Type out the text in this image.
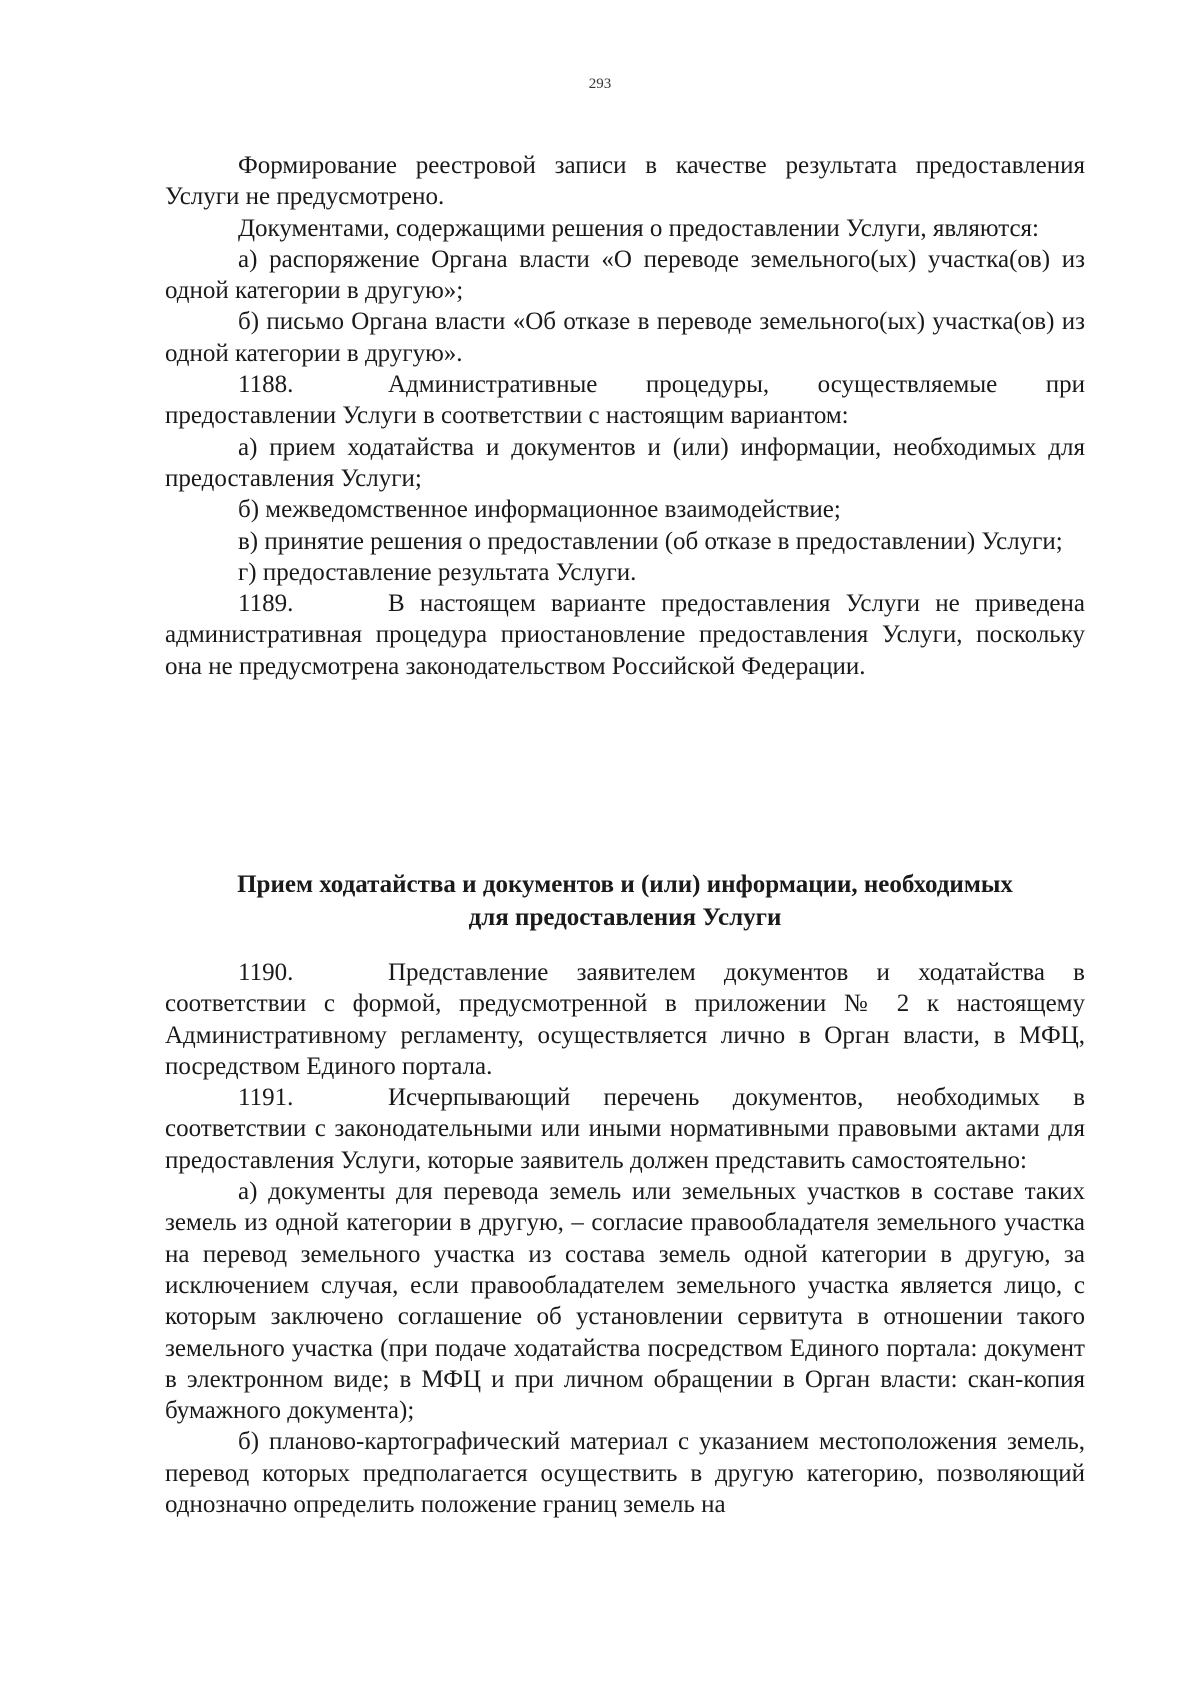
293

Формирование реестровой записи в качестве результата предоставления Услуги не предусмотрено.

Документами, содержащими решения о предоставлении Услуги, являются:

а) распоряжение Органа власти «О переводе земельного(ых) участка(ов) из одной категории в другую»;

б) письмо Органа власти «Об отказе в переводе земельного(ых) участка(ов) из одной категории в другую».

1188.	Административные процедуры, осуществляемые при предоставлении Услуги в соответствии с настоящим вариантом:

а) прием ходатайства и документов и (или) информации, необходимых для предоставления Услуги;

б) межведомственное информационное взаимодействие;

в) принятие решения о предоставлении (об отказе в предоставлении) Услуги;

г) предоставление результата Услуги.

1189.	В настоящем варианте предоставления Услуги не приведена административная процедура приостановление предоставления Услуги, поскольку она не предусмотрена законодательством Российской Федерации.

Прием ходатайства и документов и (или) информации, необходимых
для предоставления Услуги

1190.	Представление заявителем документов и ходатайства в соответствии с формой, предусмотренной в приложении № 2 к настоящему Административному регламенту, осуществляется лично в Орган власти, в МФЦ, посредством Единого портала.

1191.	Исчерпывающий перечень документов, необходимых в соответствии с законодательными или иными нормативными правовыми актами для предоставления Услуги, которые заявитель должен представить самостоятельно:

а) документы для перевода земель или земельных участков в составе таких земель из одной категории в другую, – согласие правообладателя земельного участка на перевод земельного участка из состава земель одной категории в другую, за исключением случая, если правообладателем земельного участка является лицо, с которым заключено соглашение об установлении сервитута в отношении такого земельного участка (при подаче ходатайства посредством Единого портала: документ в электронном виде; в МФЦ и при личном обращении в Орган власти: скан-копия бумажного документа);

б) планово-картографический материал с указанием местоположения земель, перевод которых предполагается осуществить в другую категорию, позволяющий однозначно определить положение границ земель на
